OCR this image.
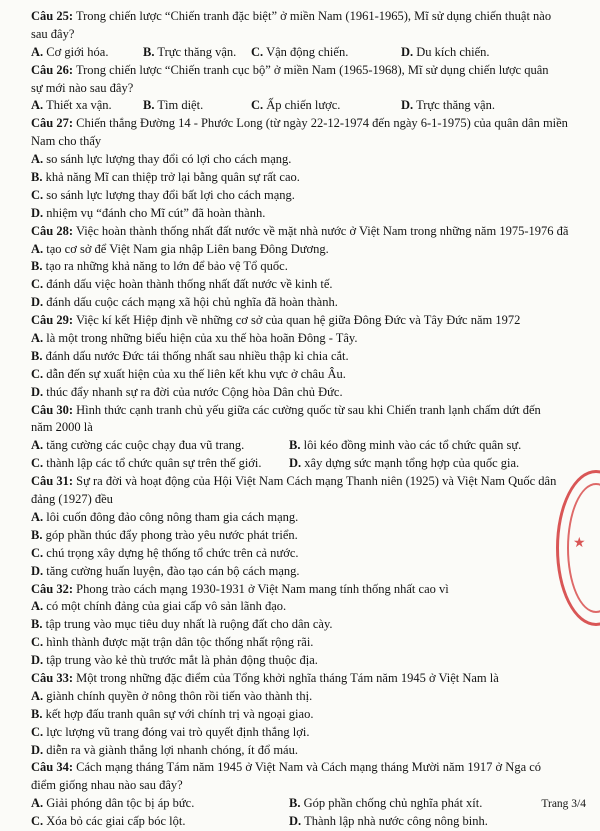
Câu 25: Trong chiến lược “Chiến tranh đặc biệt” ở miền Nam (1961-1965), Mĩ sử dụng chiến thuật nào
sau đây?
A. Cơ giới hóa.	B. Trực thăng vận. C. Vận động chiến.	D. Du kích chiến.
Câu 26: Trong chiến lược “Chiến tranh cục bộ” ở miền Nam (1965-1968), Mĩ sử dụng chiến lược quân
sự mới nào sau đây?
A. Thiết xa vận.	B. Tìm diệt.	C. Ấp chiến lược.	D. Trực thăng vận.
Câu 27: Chiến thắng Đường 14 - Phước Long (từ ngày 22-12-1974 đến ngày 6-1-1975) của quân dân miền
Nam cho thấy
A. so sánh lực lượng thay đổi có lợi cho cách mạng.
B. khả năng Mĩ can thiệp trở lại bằng quân sự rất cao.
C. so sánh lực lượng thay đổi bất lợi cho cách mạng.
D. nhiệm vụ “đánh cho Mĩ cút” đã hoàn thành.
Câu 28: Việc hoàn thành thống nhất đất nước về mặt nhà nước ở Việt Nam trong những năm 1975-1976 đã
A. tạo cơ sở để Việt Nam gia nhập Liên bang Đông Dương.
B. tạo ra những khả năng to lớn để bảo vệ Tổ quốc.
C. đánh dấu việc hoàn thành thống nhất đất nước về kinh tế.
D. đánh dấu cuộc cách mạng xã hội chủ nghĩa đã hoàn thành.
Câu 29: Việc kí kết Hiệp định về những cơ sở của quan hệ giữa Đông Đức và Tây Đức năm 1972
A. là một trong những biểu hiện của xu thế hòa hoãn Đông - Tây.
B. đánh dấu nước Đức tái thống nhất sau nhiều thập kỉ chia cắt.
C. dẫn đến sự xuất hiện của xu thế liên kết khu vực ở châu Âu.
D. thúc đẩy nhanh sự ra đời của nước Cộng hòa Dân chủ Đức.
Câu 30: Hình thức cạnh tranh chủ yếu giữa các cường quốc từ sau khi Chiến tranh lạnh chấm dứt đến
năm 2000 là
A. tăng cường các cuộc chạy đua vũ trang.	B. lôi kéo đồng minh vào các tổ chức quân sự.
C. thành lập các tổ chức quân sự trên thế giới. D. xây dựng sức mạnh tổng hợp của quốc gia.
Câu 31: Sự ra đời và hoạt động của Hội Việt Nam Cách mạng Thanh niên (1925) và Việt Nam Quốc dân
đảng (1927) đều
A. lôi cuốn đông đảo công nông tham gia cách mạng.
B. góp phần thúc đẩy phong trào yêu nước phát triển.
C. chú trọng xây dựng hệ thống tổ chức trên cả nước.
D. tăng cường huấn luyện, đào tạo cán bộ cách mạng.
Câu 32: Phong trào cách mạng 1930-1931 ở Việt Nam mang tính thống nhất cao vì
A. có một chính đảng của giai cấp vô sản lãnh đạo.
B. tập trung vào mục tiêu duy nhất là ruộng đất cho dân cày.
C. hình thành được mặt trận dân tộc thống nhất rộng rãi.
D. tập trung vào kẻ thù trước mắt là phản động thuộc địa.
Câu 33: Một trong những đặc điểm của Tổng khởi nghĩa tháng Tám năm 1945 ở Việt Nam là
A. giành chính quyền ở nông thôn rồi tiến vào thành thị.
B. kết hợp đấu tranh quân sự với chính trị và ngoại giao.
C. lực lượng vũ trang đóng vai trò quyết định thắng lợi.
D. diễn ra và giành thắng lợi nhanh chóng, ít đổ máu.
Câu 34: Cách mạng tháng Tám năm 1945 ở Việt Nam và Cách mạng tháng Mười năm 1917 ở Nga có
điểm giống nhau nào sau đây?
A. Giải phóng dân tộc bị áp bức.	B. Góp phần chống chủ nghĩa phát xít.
C. Xóa bỏ các giai cấp bóc lột.	D. Thành lập nhà nước công nông binh.
Trang 3/4
★
